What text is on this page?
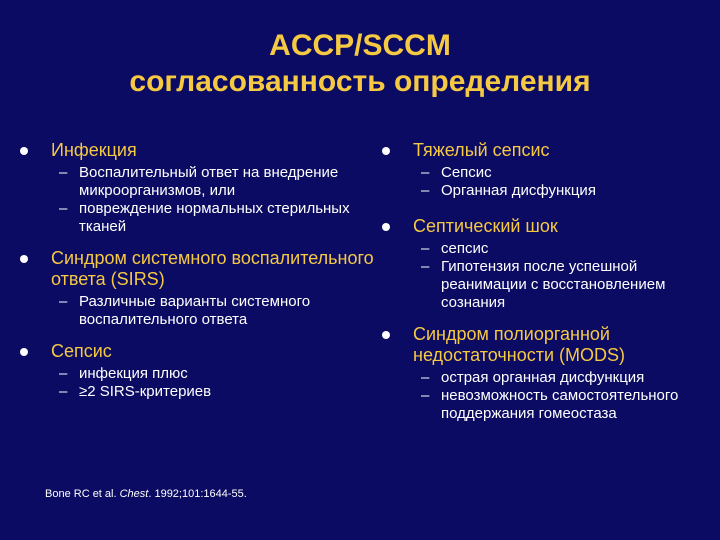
ACCP/SCCM
согласованность определения
Инфекция
– Воспалительный ответ на внедрение микроорганизмов, или
– повреждение нормальных стерильных тканей
Синдром системного воспалительного ответа (SIRS)
– Различные варианты системного воспалительного ответа
Сепсис
– инфекция плюс
– ≥2 SIRS-критериев
Тяжелый сепсис
– Сепсис
– Органная дисфункция
Септический шок
– сепсис
– Гипотензия после успешной реанимации с восстановлением сознания
Синдром полиорганной недостаточности (MODS)
– острая органная дисфункция
– невозможность самостоятельного поддержания гомеостаза
Bone RC et al. Chest. 1992;101:1644-55.
